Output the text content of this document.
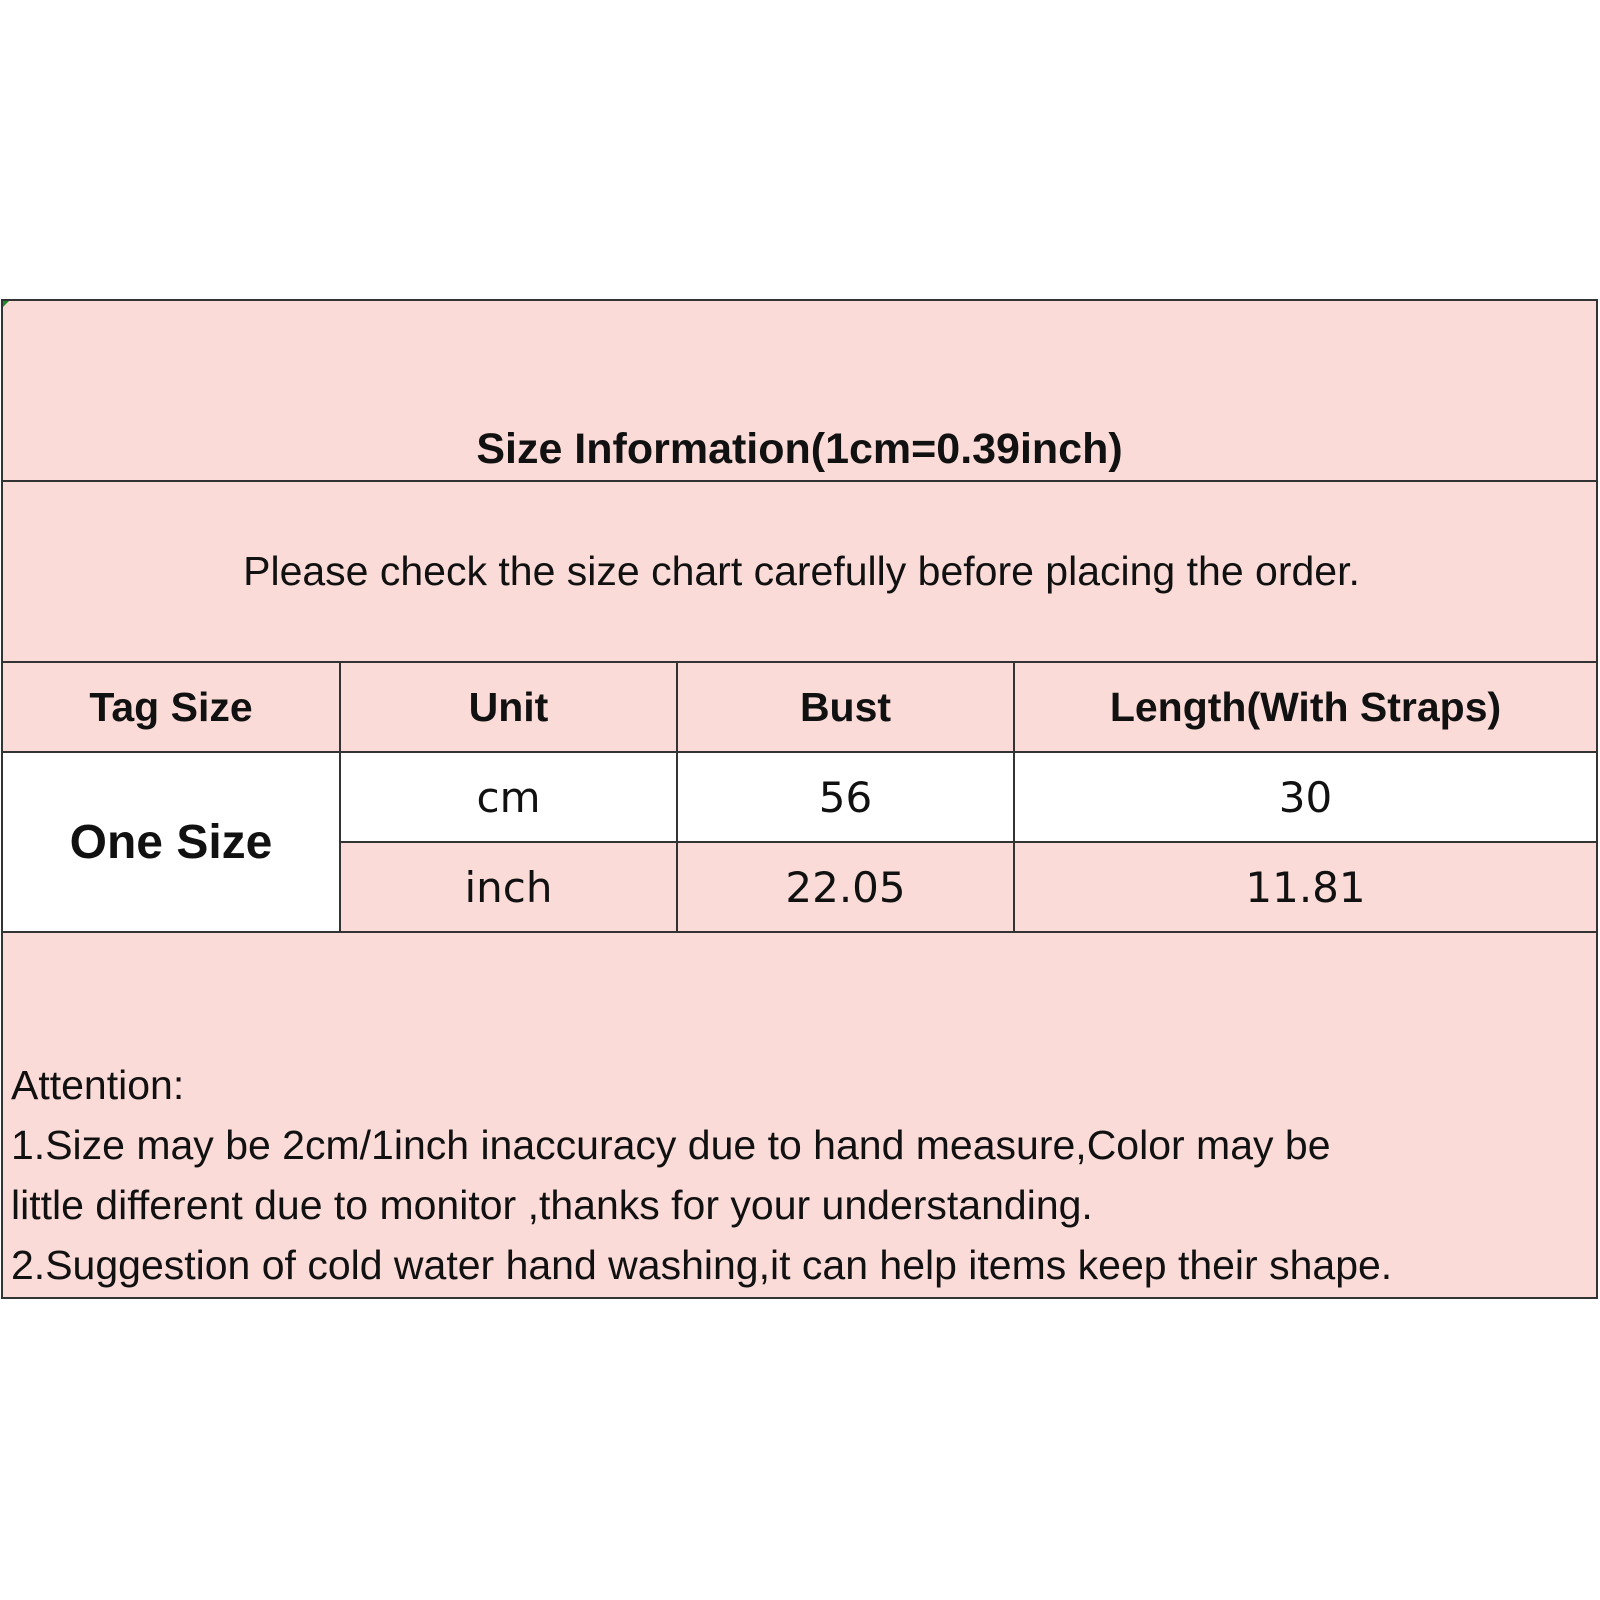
Size Information(1cm=0.39inch)
Please check the size chart carefully before placing the order.
Tag Size	Unit	Bust	Length(With Straps)
One Size	cm	56	30
	inch	22.05	11.81
Attention:
1.Size may be 2cm/1inch inaccuracy due to hand measure,Color may be
little different due to monitor ,thanks for your understanding.
2.Suggestion of cold water hand washing,it can help items keep their shape.
